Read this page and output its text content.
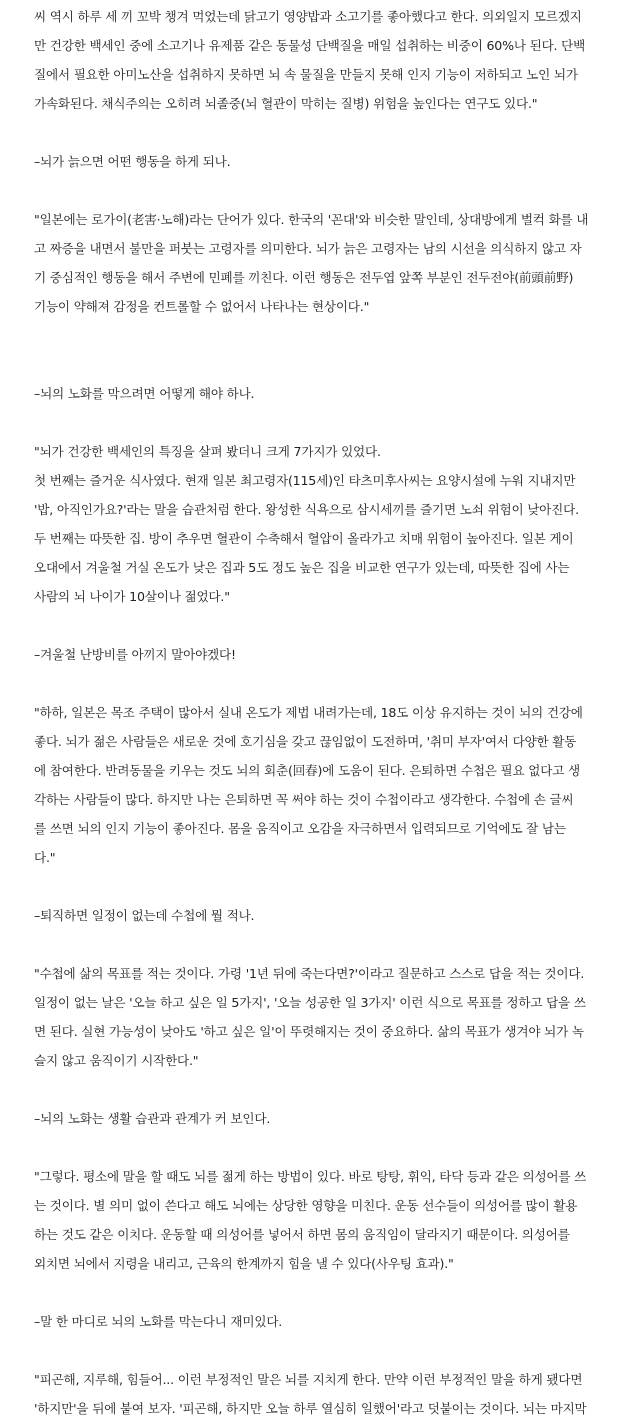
씨 역시 하루 세 끼 꼬박 챙겨 먹었는데 닭고기 영양밥과 소고기를 좋아했다고 한다. 의외일지 모르겠지
만 건강한 백세인 중에 소고기나 유제품 같은 동물성 단백질을 매일 섭취하는 비중이 60%나 된다. 단백
질에서 필요한 아미노산을 섭취하지 못하면 뇌 속 물질을 만들지 못해 인지 기능이 저하되고 노인 뇌가
가속화된다. 채식주의는 오히려 뇌졸중(뇌 혈관이 막히는 질병) 위험을 높인다는 연구도 있다."
–뇌가 늙으면 어떤 행동을 하게 되나.
"일본에는 로가이(老害·노해)라는 단어가 있다. 한국의 '꼰대'와 비슷한 말인데, 상대방에게 벌컥 화를 내
고 짜증을 내면서 불만을 퍼붓는 고령자를 의미한다. 뇌가 늙은 고령자는 남의 시선을 의식하지 않고 자
기 중심적인 행동을 해서 주변에 민폐를 끼친다. 이런 행동은 전두엽 앞쪽 부분인 전두전야(前頭前野)
기능이 약해져 감정을 컨트롤할 수 없어서 나타나는 현상이다."
–뇌의 노화를 막으려면 어떻게 해야 하나.
"뇌가 건강한 백세인의 특징을 살펴 봤더니 크게 7가지가 있었다.
첫 번째는 즐거운 식사였다. 현재 일본 최고령자(115세)인 타츠미후사씨는 요양시설에 누워 지내지만
'밥, 아직인가요?'라는 말을 습관처럼 한다. 왕성한 식욕으로 삼시세끼를 즐기면 노쇠 위험이 낮아진다.
두 번째는 따뜻한 집. 방이 추우면 혈관이 수축해서 혈압이 올라가고 치매 위험이 높아진다. 일본 게이
오대에서 겨울철 거실 온도가 낮은 집과 5도 정도 높은 집을 비교한 연구가 있는데, 따뜻한 집에 사는
사람의 뇌 나이가 10살이나 젊었다."
–겨울철 난방비를 아끼지 말아야겠다!
"하하, 일본은 목조 주택이 많아서 실내 온도가 제법 내려가는데, 18도 이상 유지하는 것이 뇌의 건강에
좋다. 뇌가 젊은 사람들은 새로운 것에 호기심을 갖고 끊임없이 도전하며, '취미 부자'여서 다양한 활동
에 참여한다. 반려동물을 키우는 것도 뇌의 회춘(回春)에 도움이 된다. 은퇴하면 수첩은 필요 없다고 생
각하는 사람들이 많다. 하지만 나는 은퇴하면 꼭 써야 하는 것이 수첩이라고 생각한다. 수첩에 손 글씨
를 쓰면 뇌의 인지 기능이 좋아진다. 몸을 움직이고 오감을 자극하면서 입력되므로 기억에도 잘 남는
다."
–퇴직하면 일정이 없는데 수첩에 뭘 적나.
"수첩에 삶의 목표를 적는 것이다. 가령 '1년 뒤에 죽는다면?'이라고 질문하고 스스로 답을 적는 것이다.
일정이 없는 날은 '오늘 하고 싶은 일 5가지', '오늘 성공한 일 3가지' 이런 식으로 목표를 정하고 답을 쓰
면 된다. 실현 가능성이 낮아도 '하고 싶은 일'이 뚜렷해지는 것이 중요하다. 삶의 목표가 생겨야 뇌가 녹
슬지 않고 움직이기 시작한다."
–뇌의 노화는 생활 습관과 관계가 커 보인다.
"그렇다. 평소에 말을 할 때도 뇌를 젊게 하는 방법이 있다. 바로 탕탕, 휘익, 타닥 등과 같은 의성어를 쓰
는 것이다. 별 의미 없이 쓴다고 해도 뇌에는 상당한 영향을 미친다. 운동 선수들이 의성어를 많이 활용
하는 것도 같은 이치다. 운동할 때 의성어를 넣어서 하면 몸의 움직임이 달라지기 때문이다. 의성어를
외치면 뇌에서 지령을 내리고, 근육의 한계까지 힘을 낼 수 있다(사우팅 효과)."
–말 한 마디로 뇌의 노화를 막는다니 재미있다.
"피곤해, 지루해, 힘들어... 이런 부정적인 말은 뇌를 지치게 한다. 만약 이런 부정적인 말을 하게 됐다면
'하지만'을 뒤에 붙여 보자. '피곤해, 하지만 오늘 하루 열심히 일했어'라고 덧붙이는 것이다. 뇌는 마지막
